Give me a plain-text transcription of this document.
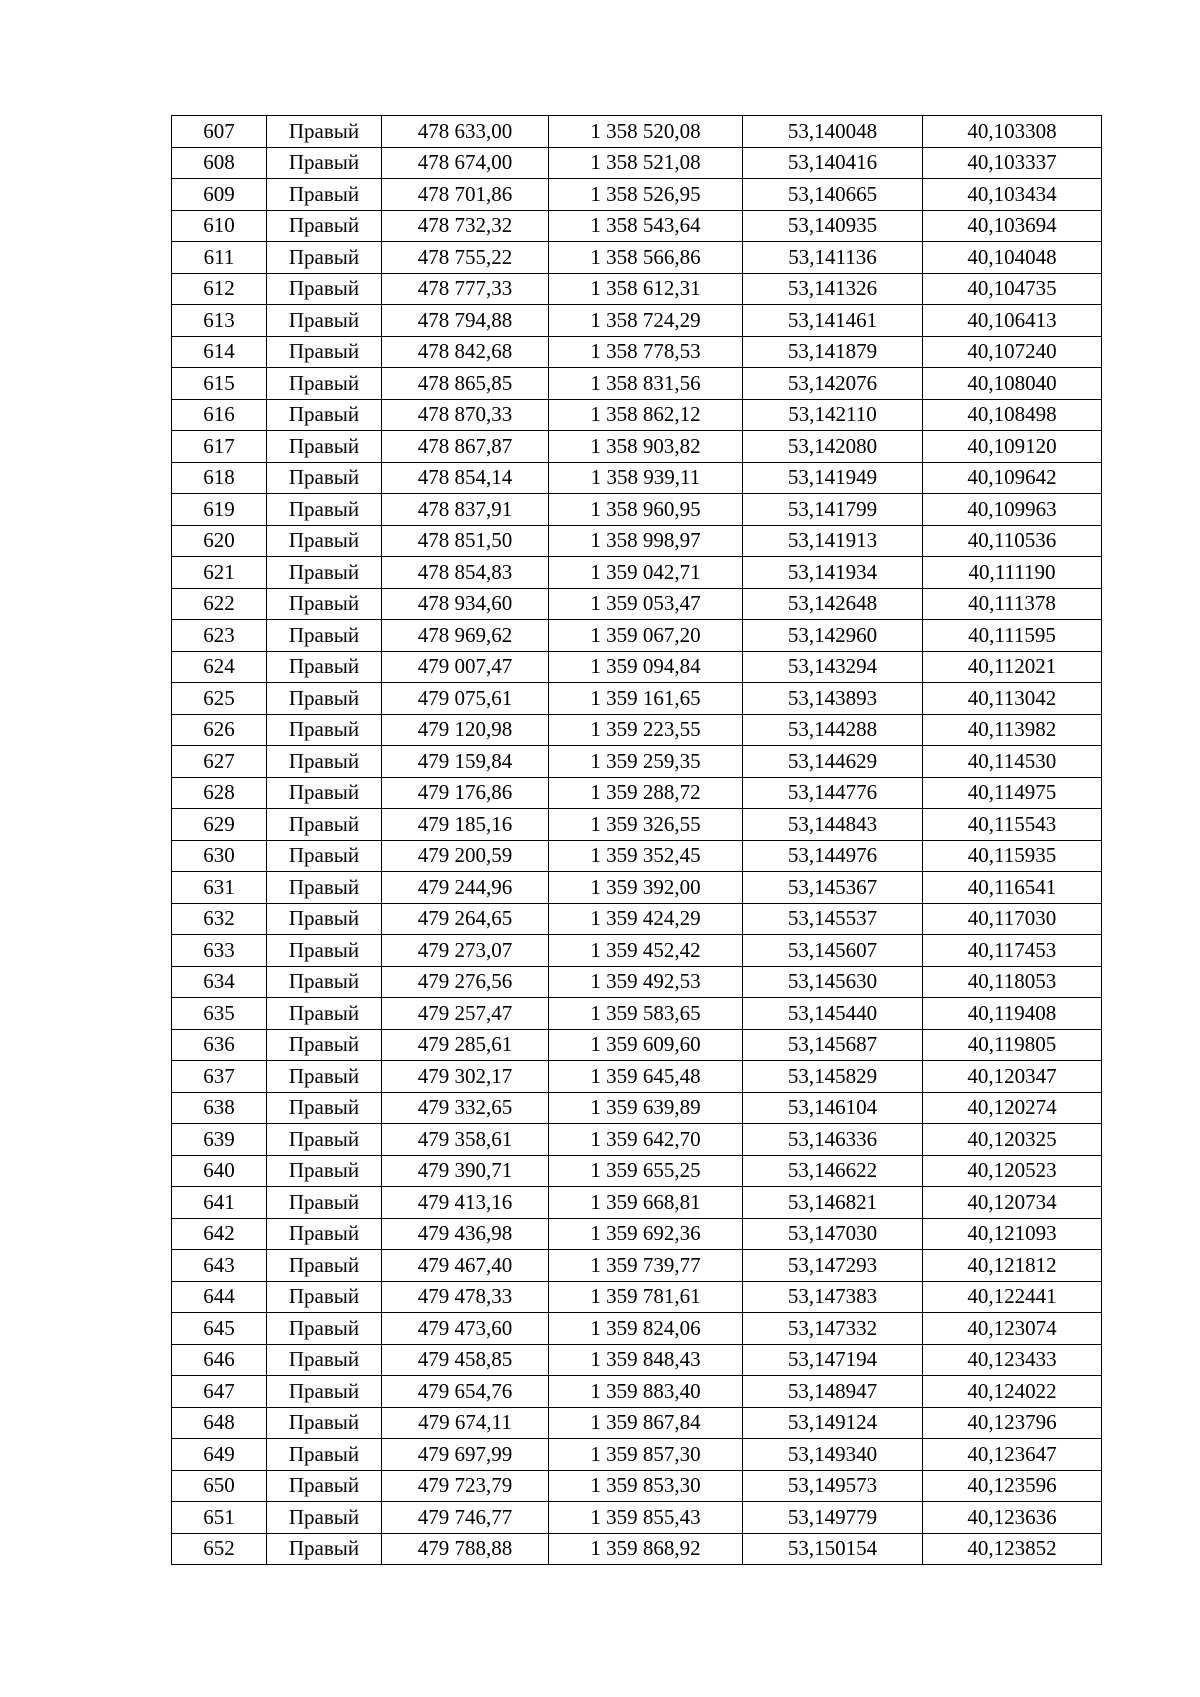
607	Правый	478 633,00	1 358 520,08	53,140048	40,103308
608	Правый	478 674,00	1 358 521,08	53,140416	40,103337
609	Правый	478 701,86	1 358 526,95	53,140665	40,103434
610	Правый	478 732,32	1 358 543,64	53,140935	40,103694
611	Правый	478 755,22	1 358 566,86	53,141136	40,104048
612	Правый	478 777,33	1 358 612,31	53,141326	40,104735
613	Правый	478 794,88	1 358 724,29	53,141461	40,106413
614	Правый	478 842,68	1 358 778,53	53,141879	40,107240
615	Правый	478 865,85	1 358 831,56	53,142076	40,108040
616	Правый	478 870,33	1 358 862,12	53,142110	40,108498
617	Правый	478 867,87	1 358 903,82	53,142080	40,109120
618	Правый	478 854,14	1 358 939,11	53,141949	40,109642
619	Правый	478 837,91	1 358 960,95	53,141799	40,109963
620	Правый	478 851,50	1 358 998,97	53,141913	40,110536
621	Правый	478 854,83	1 359 042,71	53,141934	40,111190
622	Правый	478 934,60	1 359 053,47	53,142648	40,111378
623	Правый	478 969,62	1 359 067,20	53,142960	40,111595
624	Правый	479 007,47	1 359 094,84	53,143294	40,112021
625	Правый	479 075,61	1 359 161,65	53,143893	40,113042
626	Правый	479 120,98	1 359 223,55	53,144288	40,113982
627	Правый	479 159,84	1 359 259,35	53,144629	40,114530
628	Правый	479 176,86	1 359 288,72	53,144776	40,114975
629	Правый	479 185,16	1 359 326,55	53,144843	40,115543
630	Правый	479 200,59	1 359 352,45	53,144976	40,115935
631	Правый	479 244,96	1 359 392,00	53,145367	40,116541
632	Правый	479 264,65	1 359 424,29	53,145537	40,117030
633	Правый	479 273,07	1 359 452,42	53,145607	40,117453
634	Правый	479 276,56	1 359 492,53	53,145630	40,118053
635	Правый	479 257,47	1 359 583,65	53,145440	40,119408
636	Правый	479 285,61	1 359 609,60	53,145687	40,119805
637	Правый	479 302,17	1 359 645,48	53,145829	40,120347
638	Правый	479 332,65	1 359 639,89	53,146104	40,120274
639	Правый	479 358,61	1 359 642,70	53,146336	40,120325
640	Правый	479 390,71	1 359 655,25	53,146622	40,120523
641	Правый	479 413,16	1 359 668,81	53,146821	40,120734
642	Правый	479 436,98	1 359 692,36	53,147030	40,121093
643	Правый	479 467,40	1 359 739,77	53,147293	40,121812
644	Правый	479 478,33	1 359 781,61	53,147383	40,122441
645	Правый	479 473,60	1 359 824,06	53,147332	40,123074
646	Правый	479 458,85	1 359 848,43	53,147194	40,123433
647	Правый	479 654,76	1 359 883,40	53,148947	40,124022
648	Правый	479 674,11	1 359 867,84	53,149124	40,123796
649	Правый	479 697,99	1 359 857,30	53,149340	40,123647
650	Правый	479 723,79	1 359 853,30	53,149573	40,123596
651	Правый	479 746,77	1 359 855,43	53,149779	40,123636
652	Правый	479 788,88	1 359 868,92	53,150154	40,123852
